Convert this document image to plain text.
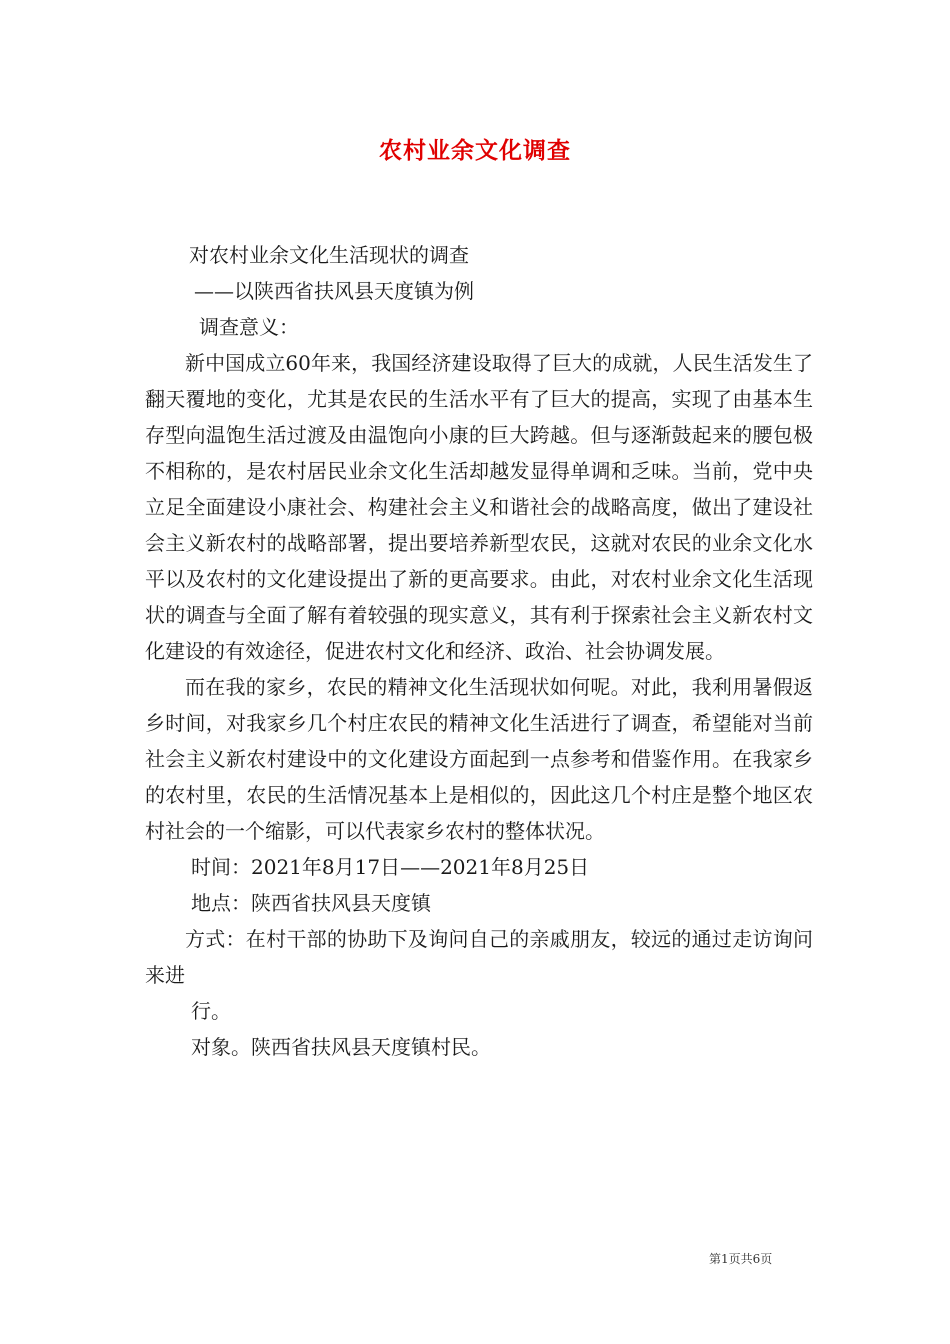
农村业余文化调查
对农村业余文化生活现状的调查
——以陕西省扶风县天度镇为例
调查意义：

新中国成立60年来，我国经济建设取得了巨大的成就，人民生活发生了翻天覆地的变化，尤其是农民的生活水平有了巨大的提高，实现了由基本生存型向温饱生活过渡及由温饱向小康的巨大跨越。但与逐渐鼓起来的腰包极不相称的，是农村居民业余文化生活却越发显得单调和乏味。当前，党中央立足全面建设小康社会、构建社会主义和谐社会的战略高度，做出了建设社会主义新农村的战略部署，提出要培养新型农民，这就对农民的业余文化水平以及农村的文化建设提出了新的更高要求。由此，对农村业余文化生活现状的调查与全面了解有着较强的现实意义，其有利于探索社会主义新农村文化建设的有效途径，促进农村文化和经济、政治、社会协调发展。

而在我的家乡，农民的精神文化生活现状如何呢。对此，我利用暑假返乡时间，对我家乡几个村庄农民的精神文化生活进行了调查，希望能对当前社会主义新农村建设中的文化建设方面起到一点参考和借鉴作用。在我家乡的农村里，农民的生活情况基本上是相似的，因此这几个村庄是整个地区农村社会的一个缩影，可以代表家乡农村的整体状况。

时间：2021年8月17日——2021年8月25日
地点：陕西省扶风县天度镇

方式：在村干部的协助下及询问自己的亲戚朋友，较远的通过走访询问来进

行。
对象。陕西省扶风县天度镇村民。
第1页共6页
